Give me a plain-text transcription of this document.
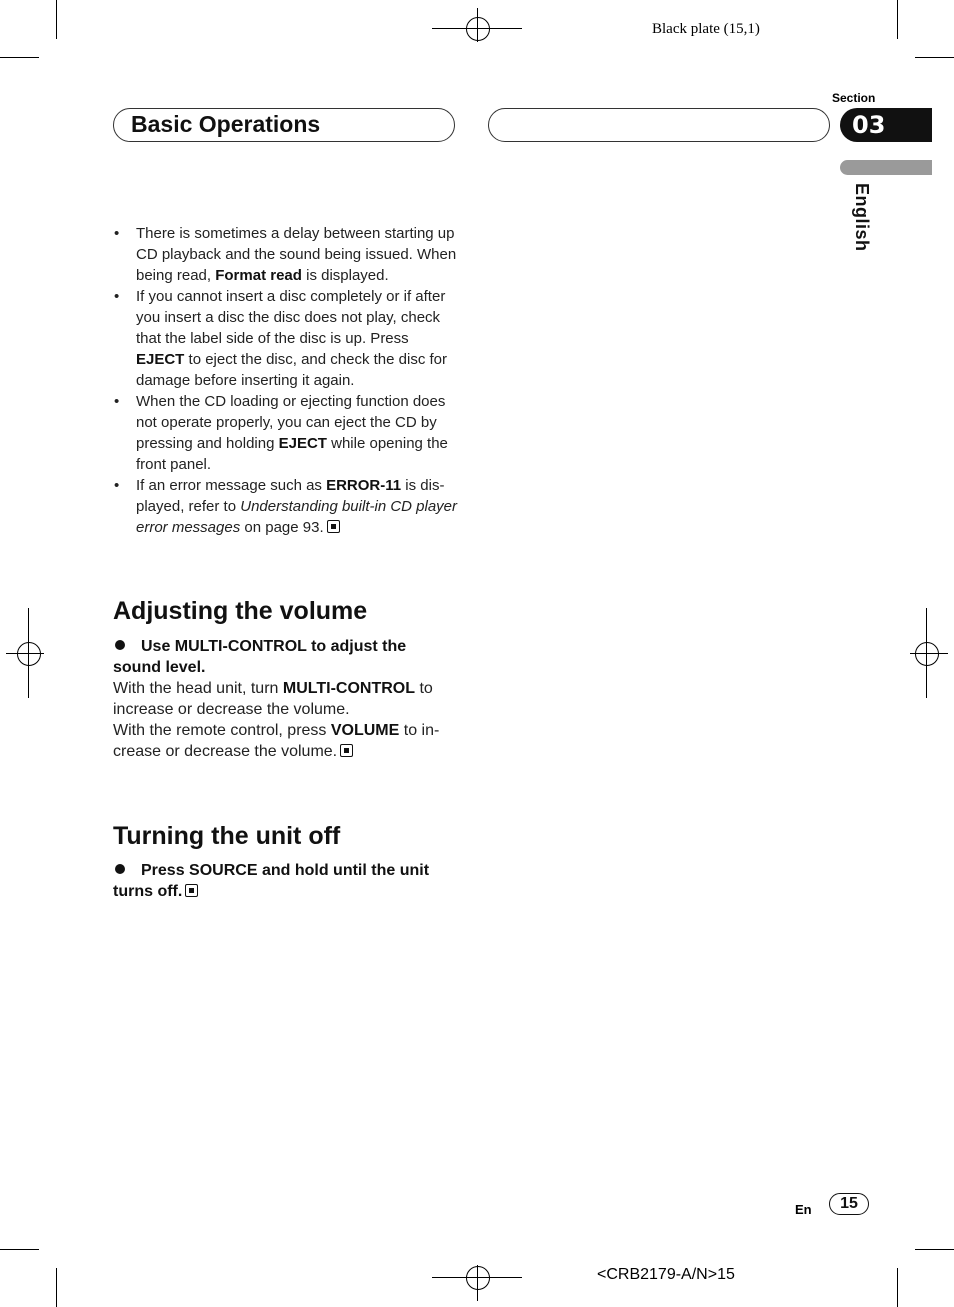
Black plate (15,1)
Basic Operations
Section
03
English
• There is sometimes a delay between starting up CD playback and the sound being issued. When being read, Format read is displayed.
• If you cannot insert a disc completely or if after you insert a disc the disc does not play, check that the label side of the disc is up. Press EJECT to eject the disc, and check the disc for damage before inserting it again.
• When the CD loading or ejecting function does not operate properly, you can eject the CD by pressing and holding EJECT while opening the front panel.
• If an error message such as ERROR-11 is dis- played, refer to Understanding built-in CD player error messages on page 93.
Adjusting the volume
Use MULTI-CONTROL to adjust the sound level.
With the head unit, turn MULTI-CONTROL to increase or decrease the volume.
With the remote control, press VOLUME to in- crease or decrease the volume.
Turning the unit off
Press SOURCE and hold until the unit turns off.
En	15
<CRB2179-A/N>15
